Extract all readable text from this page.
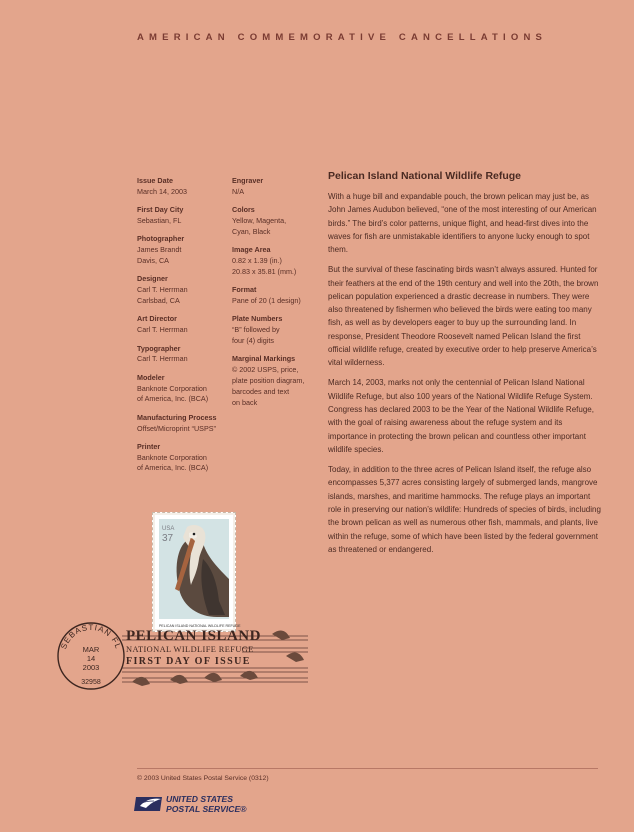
AMERICAN COMMEMORATIVE CANCELLATIONS
Issue Date
March 14, 2003
First Day City
Sebastian, FL
Photographer
James Brandt
Davis, CA
Designer
Carl T. Herrman
Carlsbad, CA
Art Director
Carl T. Herrman
Typographer
Carl T. Herrman
Modeler
Banknote Corporation
of America, Inc. (BCA)
Manufacturing Process
Offset/Microprint “USPS”
Printer
Banknote Corporation
of America, Inc. (BCA)
Engraver
N/A
Colors
Yellow, Magenta,
Cyan, Black
Image Area
0.82 x 1.39 (in.)
20.83 x 35.81 (mm.)
Format
Pane of 20 (1 design)
Plate Numbers
“B” followed by
four (4) digits
Marginal Markings
© 2002 USPS, price,
plate position diagram,
barcodes and text
on back
Pelican Island National Wildlife Refuge

With a huge bill and expandable pouch, the brown pelican may just be, as John James Audubon believed, “one of the most interesting of our American birds.” The bird’s color patterns, unique flight, and head-first dives into the waves for fish are unmistakable identifiers to anyone lucky enough to spot them.

But the survival of these fascinating birds wasn’t always assured. Hunted for their feathers at the end of the 19th century and well into the 20th, the brown pelican population experienced a drastic decrease in numbers. They were also threatened by fishermen who believed the birds were eating too many fish, as well as by developers eager to buy up the surrounding land. In response, President Theodore Roosevelt named Pelican Island the first official wildlife refuge, created by executive order to help preserve America’s vital wilderness.

March 14, 2003, marks not only the centennial of Pelican Island National Wildlife Refuge, but also 100 years of the National Wildlife Refuge System. Congress has declared 2003 to be the Year of the National Wildlife Refuge, with the goal of raising awareness about the refuge system and its importance in protecting the brown pelican and countless other important wildlife species.

Today, in addition to the three acres of Pelican Island itself, the refuge also encompasses 5,377 acres consisting largely of submerged lands, mangrove islands, marshes, and maritime hammocks. The refuge plays an important role in preserving our nation’s wildlife: Hundreds of species of birds, including the brown pelican as well as numerous other fish, mammals, and plants, live within the refuge, some of which have been listed by the federal government as threatened or endangered.

USA
37
PELICAN ISLAND NATIONAL WILDLIFE REFUGE
SEBASTIAN FL
MAR
14
2003
32958
PELICAN ISLAND
NATIONAL WILDLIFE REFUGE
FIRST DAY OF ISSUE
© 2003 United States Postal Service (0312)
UNITED STATES
POSTAL SERVICE®
